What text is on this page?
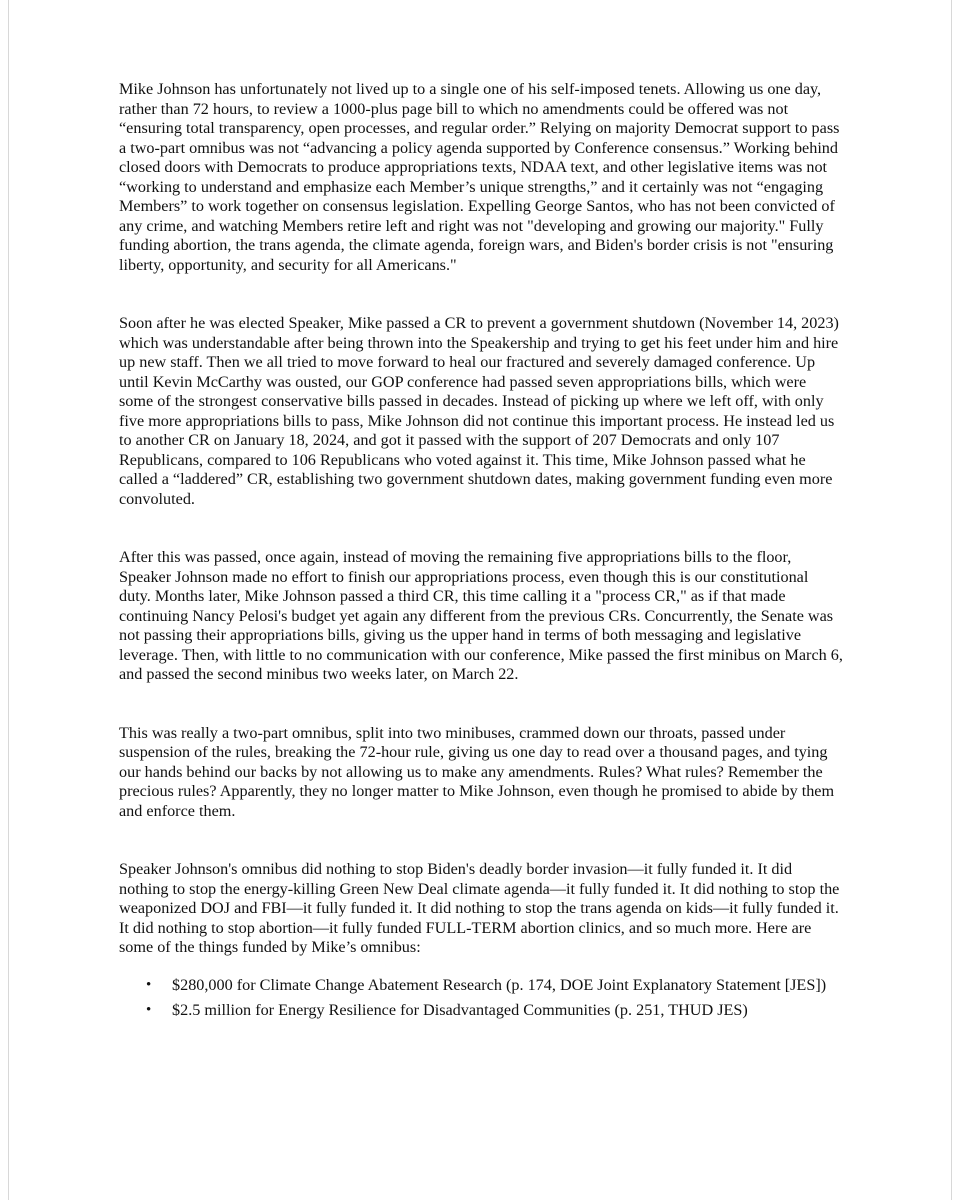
Mike Johnson has unfortunately not lived up to a single one of his self-imposed tenets. Allowing us one day, rather than 72 hours, to review a 1000-plus page bill to which no amendments could be offered was not “ensuring total transparency, open processes, and regular order.” Relying on majority Democrat support to pass a two-part omnibus was not “advancing a policy agenda supported by Conference consensus.” Working behind closed doors with Democrats to produce appropriations texts, NDAA text, and other legislative items was not “working to understand and emphasize each Member’s unique strengths,” and it certainly was not “engaging Members” to work together on consensus legislation. Expelling George Santos, who has not been convicted of any crime, and watching Members retire left and right was not "developing and growing our majority." Fully funding abortion, the trans agenda, the climate agenda, foreign wars, and Biden's border crisis is not "ensuring liberty, opportunity, and security for all Americans."

Soon after he was elected Speaker, Mike passed a CR to prevent a government shutdown (November 14, 2023) which was understandable after being thrown into the Speakership and trying to get his feet under him and hire up new staff. Then we all tried to move forward to heal our fractured and severely damaged conference. Up until Kevin McCarthy was ousted, our GOP conference had passed seven appropriations bills, which were some of the strongest conservative bills passed in decades. Instead of picking up where we left off, with only five more appropriations bills to pass, Mike Johnson did not continue this important process. He instead led us to another CR on January 18, 2024, and got it passed with the support of 207 Democrats and only 107 Republicans, compared to 106 Republicans who voted against it. This time, Mike Johnson passed what he called a “laddered” CR, establishing two government shutdown dates, making government funding even more convoluted.

After this was passed, once again, instead of moving the remaining five appropriations bills to the floor, Speaker Johnson made no effort to finish our appropriations process, even though this is our constitutional duty. Months later, Mike Johnson passed a third CR, this time calling it a "process CR," as if that made continuing Nancy Pelosi's budget yet again any different from the previous CRs. Concurrently, the Senate was not passing their appropriations bills, giving us the upper hand in terms of both messaging and legislative leverage. Then, with little to no communication with our conference, Mike passed the first minibus on March 6, and passed the second minibus two weeks later, on March 22.

This was really a two-part omnibus, split into two minibuses, crammed down our throats, passed under suspension of the rules, breaking the 72-hour rule, giving us one day to read over a thousand pages, and tying our hands behind our backs by not allowing us to make any amendments. Rules? What rules? Remember the precious rules? Apparently, they no longer matter to Mike Johnson, even though he promised to abide by them and enforce them.

Speaker Johnson's omnibus did nothing to stop Biden's deadly border invasion—it fully funded it. It did nothing to stop the energy-killing Green New Deal climate agenda—it fully funded it. It did nothing to stop the weaponized DOJ and FBI—it fully funded it. It did nothing to stop the trans agenda on kids—it fully funded it. It did nothing to stop abortion—it fully funded FULL-TERM abortion clinics, and so much more. Here are some of the things funded by Mike’s omnibus:

• $280,000 for Climate Change Abatement Research (p. 174, DOE Joint Explanatory Statement [JES])
• $2.5 million for Energy Resilience for Disadvantaged Communities (p. 251, THUD JES)
